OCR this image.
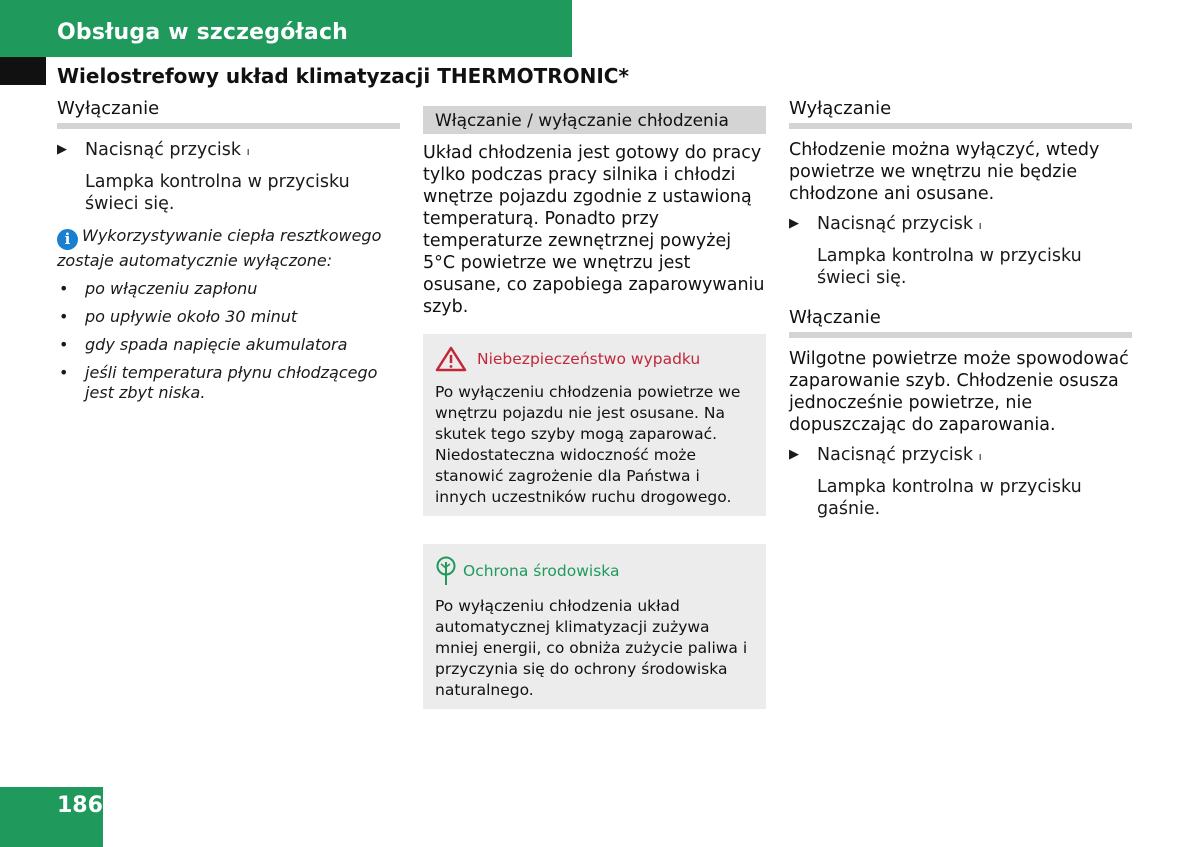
Obsługa w szczegółach
Wielostrefowy układ klimatyzacji THERMOTRONIC*
Wyłączanie
▶	Nacisnąć przycisk ı
Lampka kontrolna w przycisku świeci się.
i Wykorzystywanie ciepła resztkowego zostaje automatycznie wyłączone:
• po włączeniu zapłonu
• po upływie około 30 minut
• gdy spada napięcie akumulatora
• jeśli temperatura płynu chłodzącego jest zbyt niska.
Włączanie / wyłączanie chłodzenia
Układ chłodzenia jest gotowy do pracy tylko podczas pracy silnika i chłodzi wnętrze pojazdu zgodnie z ustawioną temperaturą. Ponadto przy temperaturze zewnętrznej powyżej 5°C powietrze we wnętrzu jest osusane, co zapobiega zaparowywaniu szyb.
Niebezpieczeństwo wypadku
Po wyłączeniu chłodzenia powietrze we wnętrzu pojazdu nie jest osusane. Na skutek tego szyby mogą zaparować. Niedostateczna widoczność może stanowić zagrożenie dla Państwa i innych uczestników ruchu drogowego.
Ochrona środowiska
Po wyłączeniu chłodzenia układ automatycznej klimatyzacji zużywa mniej energii, co obniża zużycie paliwa i przyczynia się do ochrony środowiska naturalnego.
Wyłączanie
Chłodzenie można wyłączyć, wtedy powietrze we wnętrzu nie będzie chłodzone ani osusane.
▶	Nacisnąć przycisk ı
Lampka kontrolna w przycisku świeci się.
Włączanie
Wilgotne powietrze może spowodować zaparowanie szyb. Chłodzenie osusza jednocześnie powietrze, nie dopuszczając do zaparowania.
▶	Nacisnąć przycisk ı
Lampka kontrolna w przycisku gaśnie.
186
